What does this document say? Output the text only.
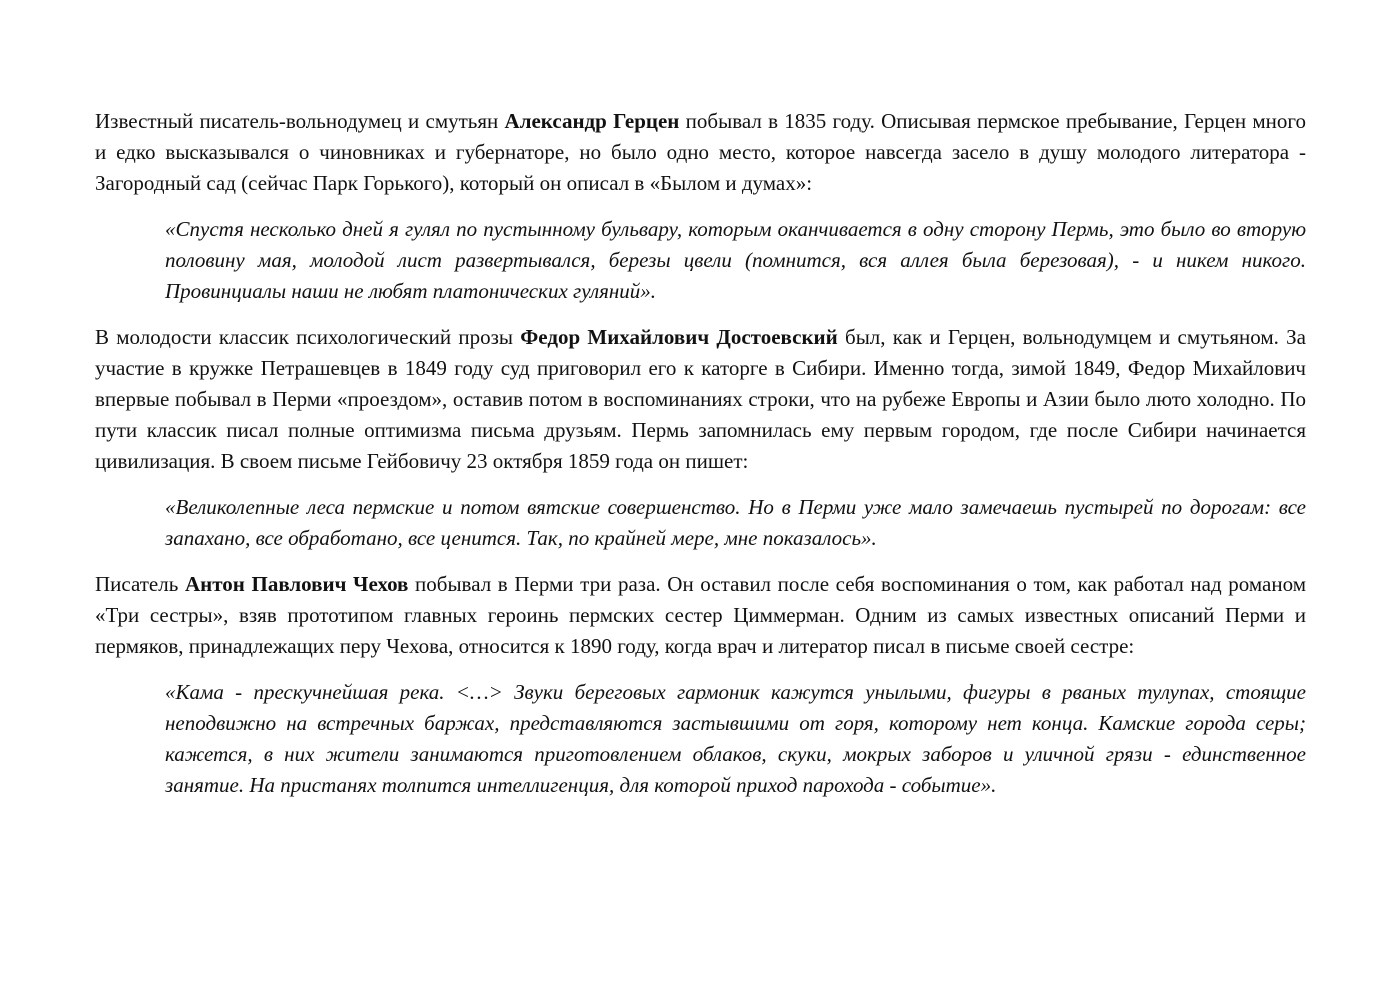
Известный писатель-вольнодумец и смутьян Александр Герцен побывал в 1835 году. Описывая пермское пребывание, Герцен много и едко высказывался о чиновниках и губернаторе, но было одно место, которое навсегда засело в душу молодого литератора - Загородный сад (сейчас Парк Горького), который он описал в «Былом и думах»:

«Спустя несколько дней я гулял по пустынному бульвару, которым оканчивается в одну сторону Пермь, это было во вторую половину мая, молодой лист развертывался, березы цвели (помнится, вся аллея была березовая), - и никем никого. Провинциалы наши не любят платонических гуляний».

В молодости классик психологический прозы Федор Михайлович Достоевский был, как и Герцен, вольнодумцем и смутьяном. За участие в кружке Петрашевцев в 1849 году суд приговорил его к каторге в Сибири. Именно тогда, зимой 1849, Федор Михайлович впервые побывал в Перми «проездом», оставив потом в воспоминаниях строки, что на рубеже Европы и Азии было люто холодно. По пути классик писал полные оптимизма письма друзьям. Пермь запомнилась ему первым городом, где после Сибири начинается цивилизация. В своем письме Гейбовичу 23 октября 1859 года он пишет:

«Великолепные леса пермские и потом вятские совершенство. Но в Перми уже мало замечаешь пустырей по дорогам: все запахано, все обработано, все ценится. Так, по крайней мере, мне показалось».

Писатель Антон Павлович Чехов побывал в Перми три раза. Он оставил после себя воспоминания о том, как работал над романом «Три сестры», взяв прототипом главных героинь пермских сестер Циммерман. Одним из самых известных описаний Перми и пермяков, принадлежащих перу Чехова, относится к 1890 году, когда врач и литератор писал в письме своей сестре:

«Кама - прескучнейшая река. <…> Звуки береговых гармоник кажутся унылыми, фигуры в рваных тулупах, стоящие неподвижно на встречных баржах, представляются застывшими от горя, которому нет конца. Камские города серы; кажется, в них жители занимаются приготовлением облаков, скуки, мокрых заборов и уличной грязи - единственное занятие. На пристанях толпится интеллигенция, для которой приход парохода - событие».
